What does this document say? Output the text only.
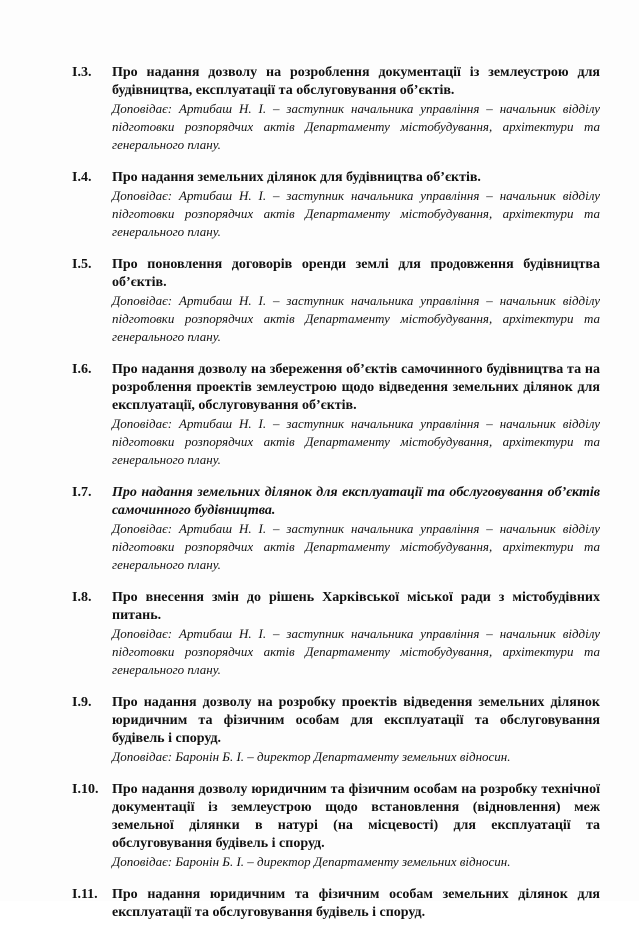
І.3.	Про надання дозволу на розроблення документації із землеустрою для будівництва, експлуатації та обслуговування об’єктів.
Доповідає: Артибаш Н. І. – заступник начальника управління – начальник відділу підготовки розпорядчих актів Департаменту містобудування, архітектури та генерального плану.
І.4.	Про надання земельних ділянок для будівництва об’єктів.
Доповідає: Артибаш Н. І. – заступник начальника управління – начальник відділу підготовки розпорядчих актів Департаменту містобудування, архітектури та генерального плану.
І.5.	Про поновлення договорів оренди землі для продовження будівництва об’єктів.
Доповідає: Артибаш Н. І. – заступник начальника управління – начальник відділу підготовки розпорядчих актів Департаменту містобудування, архітектури та генерального плану.
І.6.	Про надання дозволу на збереження об’єктів самочинного будівництва та на розроблення проектів землеустрою щодо відведення земельних ділянок для експлуатації, обслуговування об’єктів.
Доповідає: Артибаш Н. І. – заступник начальника управління – начальник відділу підготовки розпорядчих актів Департаменту містобудування, архітектури та генерального плану.
І.7.	Про надання земельних ділянок для експлуатації та обслуговування об’єктів самочинного будівництва.
Доповідає: Артибаш Н. І. – заступник начальника управління – начальник відділу підготовки розпорядчих актів Департаменту містобудування, архітектури та генерального плану.
І.8.	Про внесення змін до рішень Харківської міської ради з містобудівних питань.
Доповідає: Артибаш Н. І. – заступник начальника управління – начальник відділу підготовки розпорядчих актів Департаменту містобудування, архітектури та генерального плану.
І.9.	Про надання дозволу на розробку проектів відведення земельних ділянок юридичним та фізичним особам для експлуатації та обслуговування будівель і споруд.
Доповідає: Баронін Б. І. – директор Департаменту земельних відносин.
І.10. Про надання дозволу юридичним та фізичним особам на розробку технічної документації із землеустрою щодо встановлення (відновлення) меж земельної ділянки в натурі (на місцевості) для експлуатації та обслуговування будівель і споруд.
Доповідає: Баронін Б. І. – директор Департаменту земельних відносин.
І.11.	Про надання юридичним та фізичним особам земельних ділянок для експлуатації та обслуговування будівель і споруд.
